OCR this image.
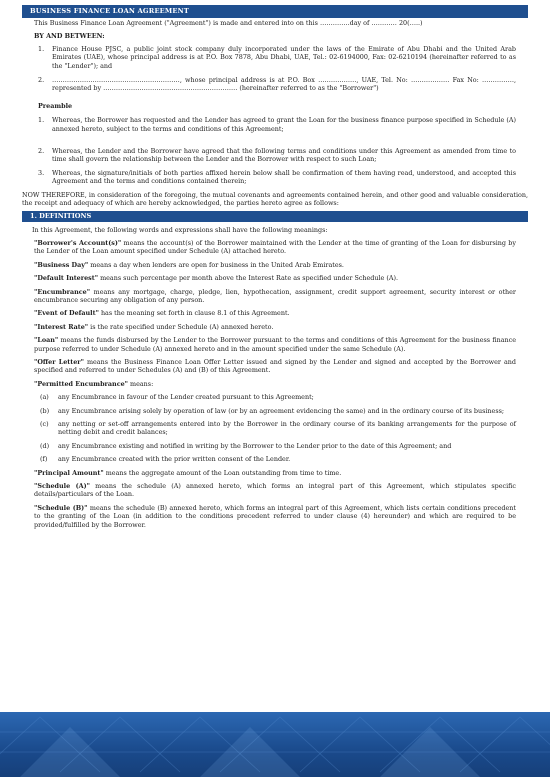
BUSINESS FINANCE LOAN AGREEMENT

This Business Finance Loan Agreement ("Agreement") is made and entered into on this …………..day of ………… 20(…..)

BY AND BETWEEN:

1.	Finance House PJSC, a public joint stock company duly incorporated under the laws of the Emirate of Abu Dhabi and the United Arab Emirates (UAE), whose principal address is at P.O. Box 7878, Abu Dhabi, UAE, Tel.: 02-6194000, Fax: 02-6210194 (hereinafter referred to as the "Lender"); and
2.	……………………………………………………, whose principal address is at P.O. Box ………………, UAE, Tel. No: ……………… Fax No: ……………, represented by ……………………………………………………… (hereinafter referred to as the "Borrower")

Preamble

1.	Whereas, the Borrower has requested and the Lender has agreed to grant the Loan for the business finance purpose specified in Schedule (A) annexed hereto, subject to the terms and conditions of this Agreement;
2.	Whereas, the Lender and the Borrower have agreed that the following terms and conditions under this Agreement as amended from time to time shall govern the relationship between the Lender and the Borrower with respect to such Loan;
3.	Whereas, the signature/initials of both parties affixed herein below shall be confirmation of them having read, understood, and accepted this Agreement and the terms and conditions contained therein;

NOW THEREFORE, in consideration of the foregoing, the mutual covenants and agreements contained herein, and other good and valuable consideration, the receipt and adequacy of which are hereby acknowledged, the parties hereto agree as follows:

1. DEFINITIONS

In this Agreement, the following words and expressions shall have the following meanings:

"Borrower's Account(s)" means the account(s) of the Borrower maintained with the Lender at the time of granting of the Loan for disbursing by the Lender of the Loan amount specified under Schedule (A) attached hereto.

"Business Day" means a day when lenders are open for business in the United Arab Emirates.

"Default Interest" means such percentage per month above the Interest Rate as specified under Schedule (A).

"Encumbrance" means any mortgage, charge, pledge, lien, hypothecation, assignment, credit support agreement, security interest or other encumbrance securing any obligation of any person.

"Event of Default" has the meaning set forth in clause 8.1 of this Agreement.

"Interest Rate" is the rate specified under Schedule (A) annexed hereto.

"Loan" means the funds disbursed by the Lender to the Borrower pursuant to the terms and conditions of this Agreement for the business finance purpose referred to under Schedule (A) annexed hereto and in the amount specified under the same Schedule (A).

"Offer Letter" means the Business Finance Loan Offer Letter issued and signed by the Lender and signed and accepted by the Borrower and specified and referred to under Schedules (A) and (B) of this Agreement.

"Permitted Encumbrance" means:

(a)	any Encumbrance in favour of the Lender created pursuant to this Agreement;
(b)	any Encumbrance arising solely by operation of law (or by an agreement evidencing the same) and in the ordinary course of its business;
(c)	any netting or set-off arrangements entered into by the Borrower in the ordinary course of its banking arrangements for the purpose of netting debit and credit balances;
(d)	any Encumbrance existing and notified in writing by the Borrower to the Lender prior to the date of this Agreement; and
(f)	any Encumbrance created with the prior written consent of the Lender.

"Principal Amount" means the aggregate amount of the Loan outstanding from time to time.

"Schedule (A)" means the schedule (A) annexed hereto, which forms an integral part of this Agreement, which stipulates specific details/particulars of the Loan.

"Schedule (B)" means the schedule (B) annexed hereto, which forms an integral part of this Agreement, which lists certain conditions precedent to the granting of the Loan (in addition to the conditions precedent referred to under clause (4) hereunder) and which are required to be provided/fulfilled by the Borrower.
